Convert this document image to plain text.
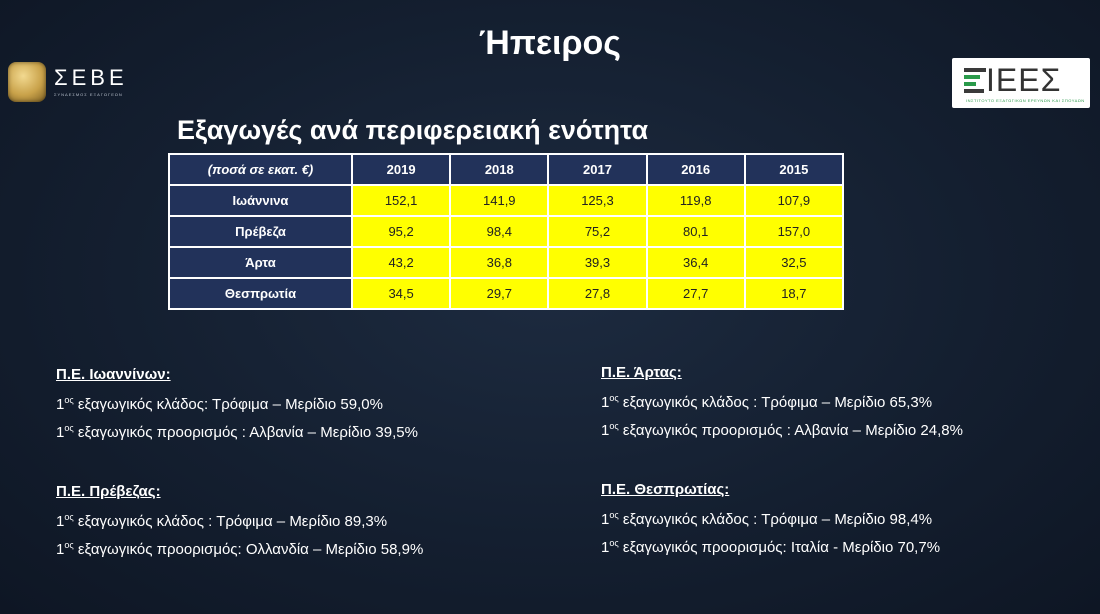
Ήπειρος
ΣΕΒΕ
ΣΥΝΔΕΣΜΟΣ ΕΞΑΓΩΓΕΩΝ	ΙΕΕΣ
ΙΝΣΤΙΤΟΥΤΟ ΕΞΑΓΩΓΙΚΩΝ ΕΡΕΥΝΩΝ ΚΑΙ ΣΠΟΥΔΩΝ
Εξαγωγές ανά περιφερειακή ενότητα
(ποσά σε εκατ. €)	2019	2018	2017	2016	2015
Ιωάννινα	152,1	141,9	125,3	119,8	107,9
Πρέβεζα	95,2	98,4	75,2	80,1	157,0
Άρτα	43,2	36,8	39,3	36,4	32,5
Θεσπρωτία	34,5	29,7	27,8	27,7	18,7
Π.Ε. Ιωαννίνων:
$1^{o\varsigma}$ εξαγωγικός κλάδος: Τρόφιμα – Μερίδιο 59,0%
$1^{o\varsigma}$ εξαγωγικός προορισμός : Αλβανία – Μερίδιο 39,5%
Π.Ε. Πρέβεζας:
$1^{o\varsigma}$ εξαγωγικός κλάδος : Τρόφιμα – Μερίδιο 89,3%
$1^{o\varsigma}$ εξαγωγικός προορισμός: Ολλανδία – Μερίδιο 58,9%
Π.Ε. Άρτας:
$1^{o\varsigma}$ εξαγωγικός κλάδος : Τρόφιμα – Μερίδιο 65,3%
$1^{o\varsigma}$ εξαγωγικός προορισμός : Αλβανία – Μερίδιο 24,8%
Π.Ε. Θεσπρωτίας:
$1^{o\varsigma}$ εξαγωγικός κλάδος : Τρόφιμα – Μερίδιο 98,4%
$1^{o\varsigma}$ εξαγωγικός προορισμός: Ιταλία - Μερίδιο 70,7%
